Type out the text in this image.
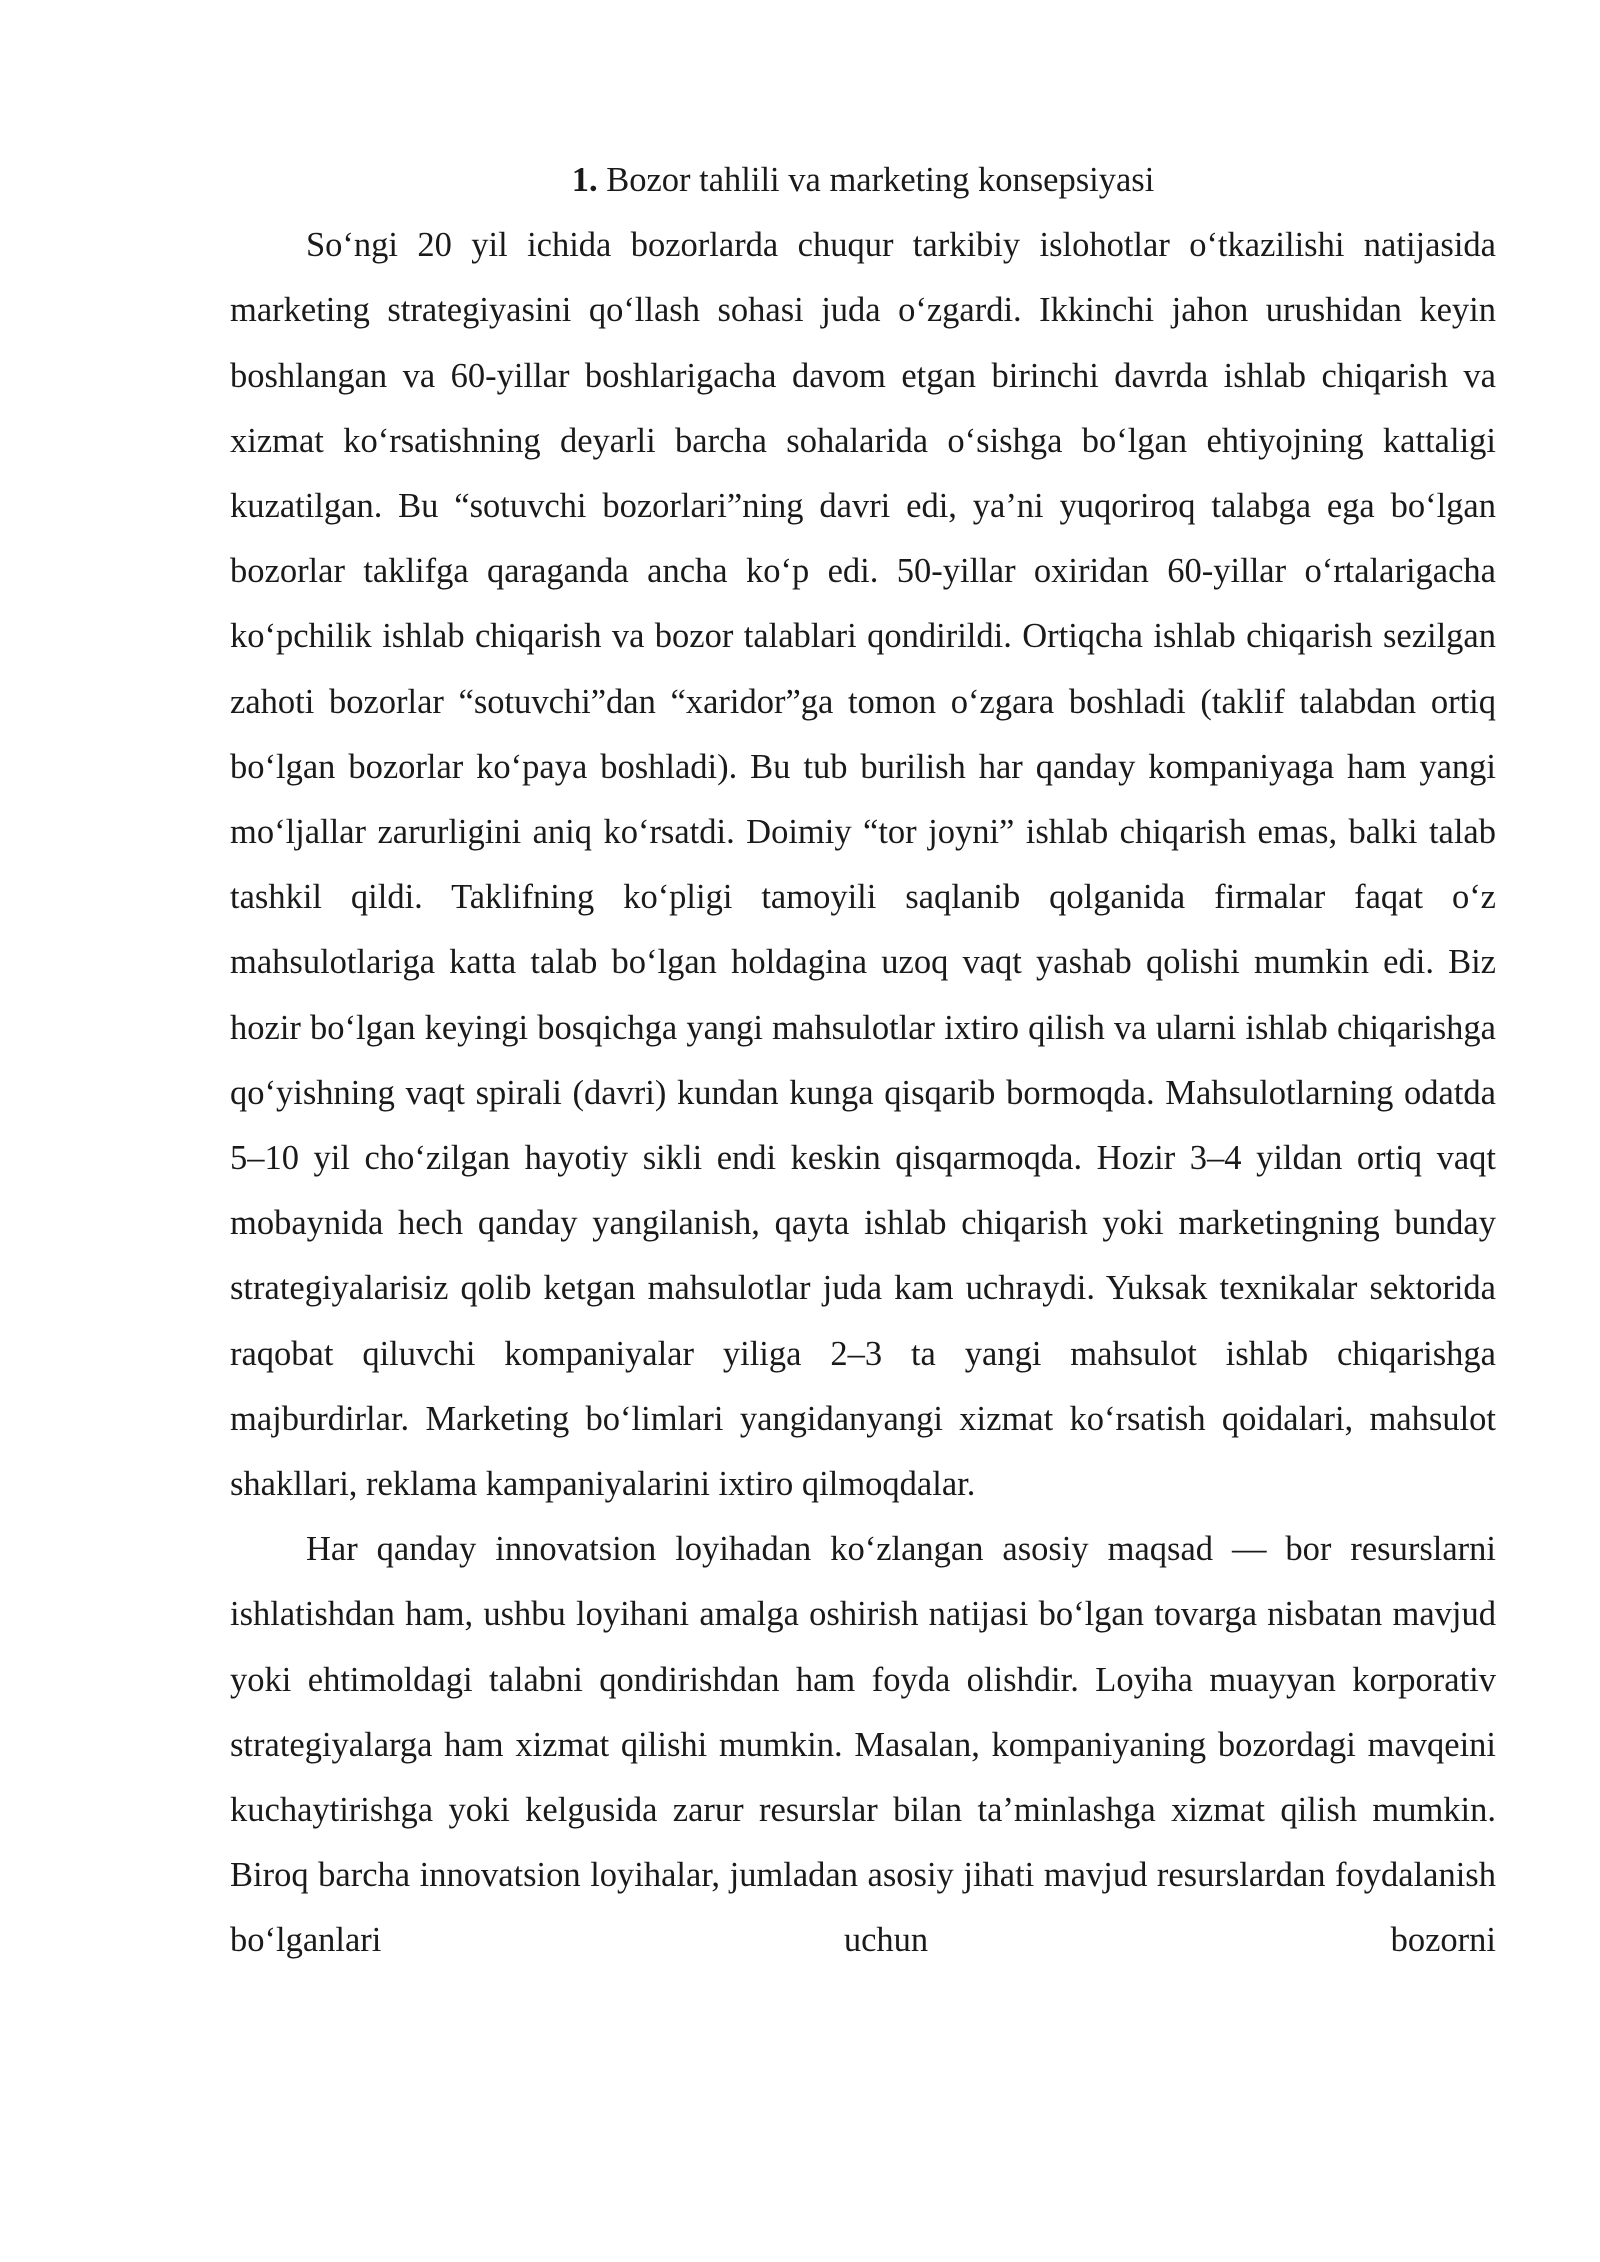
1. Bozor tahlili va marketing konsepsiyasi

So‘ngi 20 yil ichida bozorlarda chuqur tarkibiy islohotlar o‘tkazilishi natijasida marketing strategiyasini qo‘llash sohasi juda o‘zgardi. Ikkinchi jahon urushidan keyin boshlangan va 60-yillar boshlarigacha davom etgan birinchi davrda ishlab chiqarish va xizmat ko‘rsatishning deyarli barcha sohalarida o‘sishga bo‘lgan ehtiyojning kattaligi kuzatilgan. Bu “sotuvchi bozorlari”ning davri edi, ya’ni yuqoriroq talabga ega bo‘lgan bozorlar taklifga qaraganda ancha ko‘p edi. 50-yillar oxiridan 60-yillar o‘rtalarigacha ko‘pchilik ishlab chiqarish va bozor talablari qondirildi. Ortiqcha ishlab chiqarish sezilgan zahoti bozorlar “sotuvchi”dan “xaridor”ga tomon o‘zgara boshladi (taklif talabdan ortiq bo‘lgan bozorlar ko‘paya boshladi). Bu tub burilish har qanday kompaniyaga ham yangi mo‘ljallar zarurligini aniq ko‘rsatdi. Doimiy “tor joyni” ishlab chiqarish emas, balki talab tashkil qildi. Taklifning ko‘pligi tamoyili saqlanib qolganida firmalar faqat o‘z mahsulotlariga katta talab bo‘lgan holdagina uzoq vaqt yashab qolishi mumkin edi. Biz hozir bo‘lgan keyingi bosqichga yangi mahsulotlar ixtiro qilish va ularni ishlab chiqarishga qo‘yishning vaqt spirali (davri) kundan kunga qisqarib bormoqda. Mahsulotlarning odatda 5–10 yil cho‘zilgan hayotiy sikli endi keskin qisqarmoqda. Hozir 3–4 yildan ortiq vaqt mobaynida hech qanday yangilanish, qayta ishlab chiqarish yoki marketingning bunday strategiyalarisiz qolib ketgan mahsulotlar juda kam uchraydi. Yuksak texnikalar sektorida raqobat qiluvchi kompaniyalar yiliga 2–3 ta yangi mahsulot ishlab chiqarishga majburdirlar. Marketing bo‘limlari yangidanyangi xizmat ko‘rsatish qoidalari, mahsulot shakllari, reklama kampaniyalarini ixtiro qilmoqdalar.

Har qanday innovatsion loyihadan ko‘zlangan asosiy maqsad — bor resurslarni ishlatishdan ham, ushbu loyihani amalga oshirish natijasi bo‘lgan tovarga nisbatan mavjud yoki ehtimoldagi talabni qondirishdan ham foyda olishdir. Loyiha muayyan korporativ strategiyalarga ham xizmat qilishi mumkin. Masalan, kompaniyaning bozordagi mavqeini kuchaytirishga yoki kelgusida zarur resurslar bilan ta’minlashga xizmat qilish mumkin. Biroq barcha innovatsion loyihalar, jumladan asosiy jihati mavjud resurslardan foydalanish bo‘lganlari uchun bozorni
